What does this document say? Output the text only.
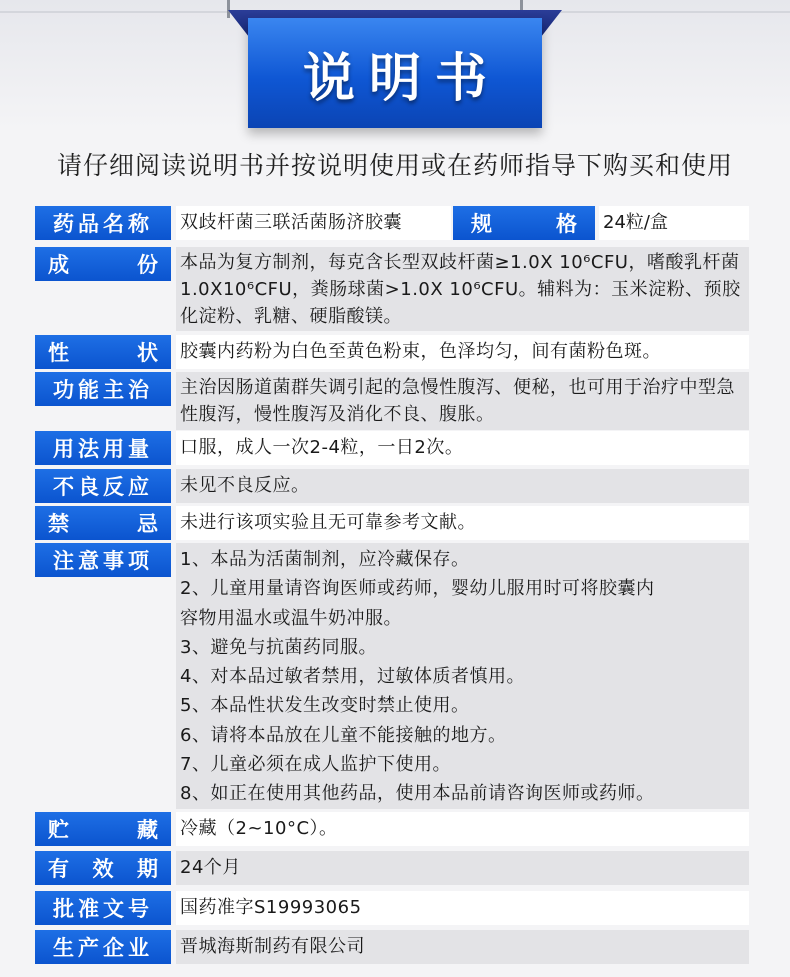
说明书
请仔细阅读说明书并按说明使用或在药师指导下购买和使用
药品名称 双歧杆菌三联活菌肠济胶囊	规	格 24粒/盒
成	份 本品为复方制剂，每克含长型双歧杆菌≥1.0X 10⁶CFU，嗜酸乳杆菌1.0X10⁶CFU，粪肠球菌>1.0X 10⁶CFU。辅料为：玉米淀粉、预胶化淀粉、乳糖、硬脂酸镁。
性	状 胶囊内药粉为白色至黄色粉束，色泽均匀，间有菌粉色斑。
功能主治 主治因肠道菌群失调引起的急慢性腹泻、便秘，也可用于治疗中型急性腹泻，慢性腹泻及消化不良、腹胀。
用法用量 口服，成人一次2-4粒，一日2次。
不良反应 未见不良反应。
禁	忌 未进行该项实验且无可靠参考文献。
注意事项 1、本品为活菌制剂，应冷藏保存。
2、儿童用量请咨询医师或药师，婴幼儿服用时可将胶囊内
容物用温水或温牛奶冲服。
3、避免与抗菌药同服。
4、对本品过敏者禁用，过敏体质者慎用。
5、本品性状发生改变时禁止使用。
6、请将本品放在儿童不能接触的地方。
7、儿童必须在成人监护下使用。
8、如正在使用其他药品，使用本品前请咨询医师或药师。
贮	藏 冷藏（2~10°C）。
有 效 期 24个月
批准文号 国药准字S19993065
生产企业 晋城海斯制药有限公司
